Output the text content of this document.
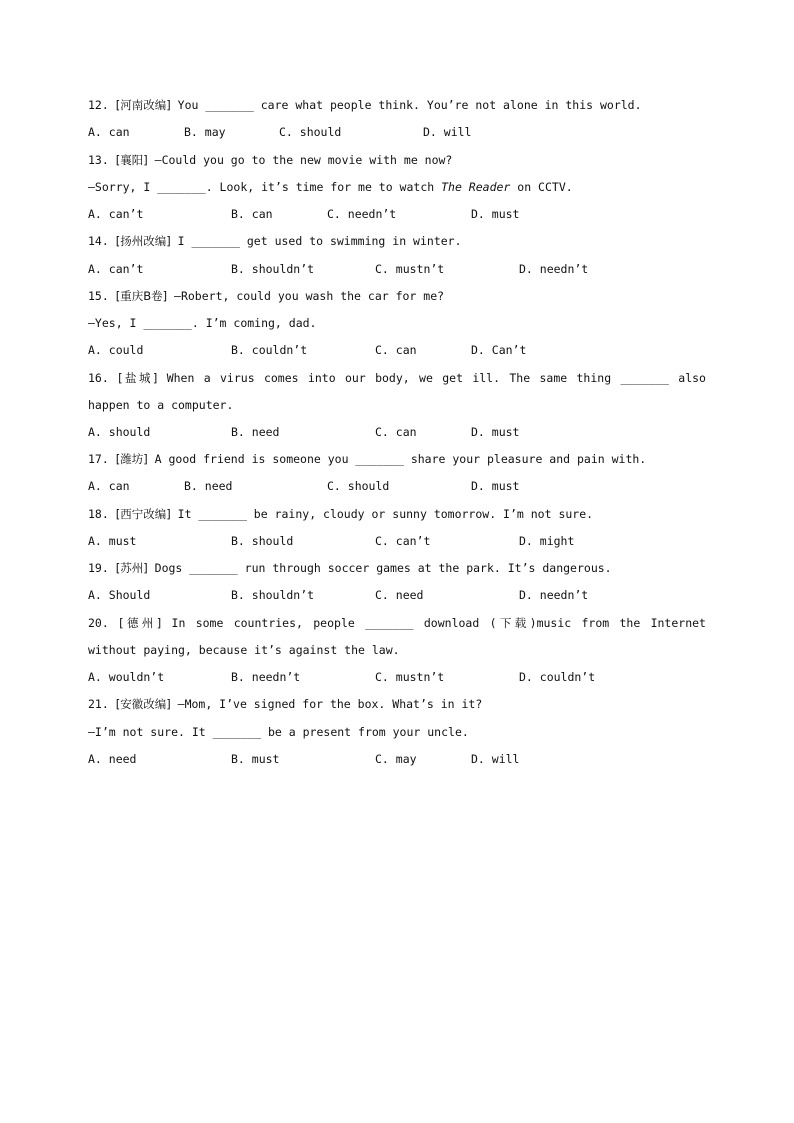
12. [河南改编] You _______ care what people think. You’re not alone in this world.

A. can

	B. may

	C. should

	D. will

13. [襄阳] —Could you go to the new movie with me now?
—Sorry, I _______. Look, it’s time for me to watch The Reader on CCTV.

A. can’t

	B. can

	C. needn’t

	D. must

14. [扬州改编] I _______ get used to swimming in winter.

A. can’t

	B. shouldn’t

	C. mustn’t

	D. needn’t

15. [重庆B卷] —Robert, could you wash the car for me?
—Yes, I _______. I’m coming, dad.

A. could

	B. couldn’t

	C. can

	D. Can’t

16. [盐城] When a virus comes into our body, we get ill. The same thing _______ also
happen to a computer.

A. should

	B. need

	C. can

	D. must

17. [潍坊] A good friend is someone you _______ share your pleasure and pain with.

A. can

	B. need

	C. should

	D. must

18. [西宁改编] It _______ be rainy, cloudy or sunny tomorrow. I’m not sure.

A. must

	B. should

	C. can’t

	D. might

19. [苏州] Dogs _______ run through soccer games at the park. It’s dangerous.

A. Should

	B. shouldn’t

	C. need

	D. needn’t

20. [德州] In some countries, people _______ download (下载)music from the Internet
without paying, because it’s against the law.

A. wouldn’t

	B. needn’t

	C. mustn’t

	D. couldn’t

21. [安徽改编] —Mom, I’ve signed for the box. What’s in it?
—I’m not sure. It _______ be a present from your uncle.

A. need

	B. must

	C. may

	D. will
